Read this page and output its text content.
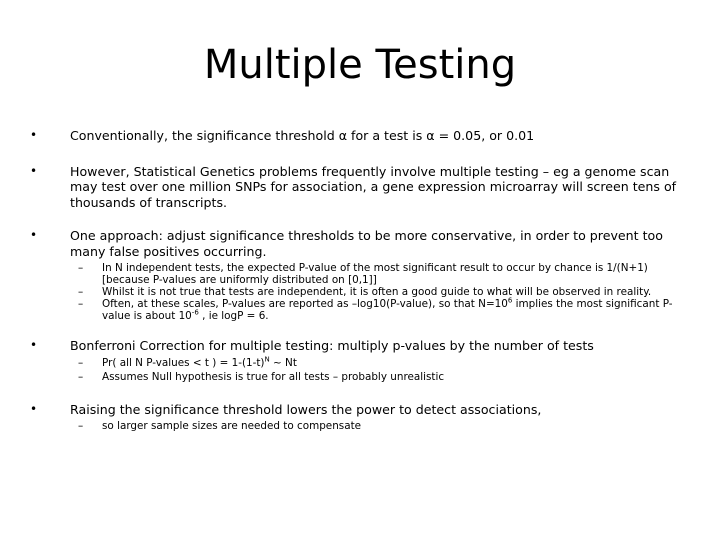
Multiple Testing
•	Conventionally, the significance threshold α for a test is α = 0.05, or 0.01
•	However, Statistical Genetics problems frequently involve multiple testing – eg a genome scan may test over one million SNPs for association, a gene expression microarray will screen tens of thousands of transcripts.
•	One approach: adjust significance thresholds to be more conservative, in order to prevent too many false positives occurring.
– In N independent tests, the expected P-value of the most significant result to occur by chance is 1/(N+1) [because P-values are uniformly distributed on [0,1]]
– Whilst it is not true that tests are independent, it is often a good guide to what will be observed in reality.
– Often, at these scales, P-values are reported as –log10(P-value), so that $N=10^6$ implies the most significant P-value is about $10^{-6}$ , ie logP = 6.
•	Bonferroni Correction for multiple testing: multiply p-values by the number of tests
– Pr( all N P-values < t ) = $1-(1-t)^N$ ~ Nt
– Assumes Null hypothesis is true for all tests – probably unrealistic
•	Raising the significance threshold lowers the power to detect associations,
– so larger sample sizes are needed to compensate
